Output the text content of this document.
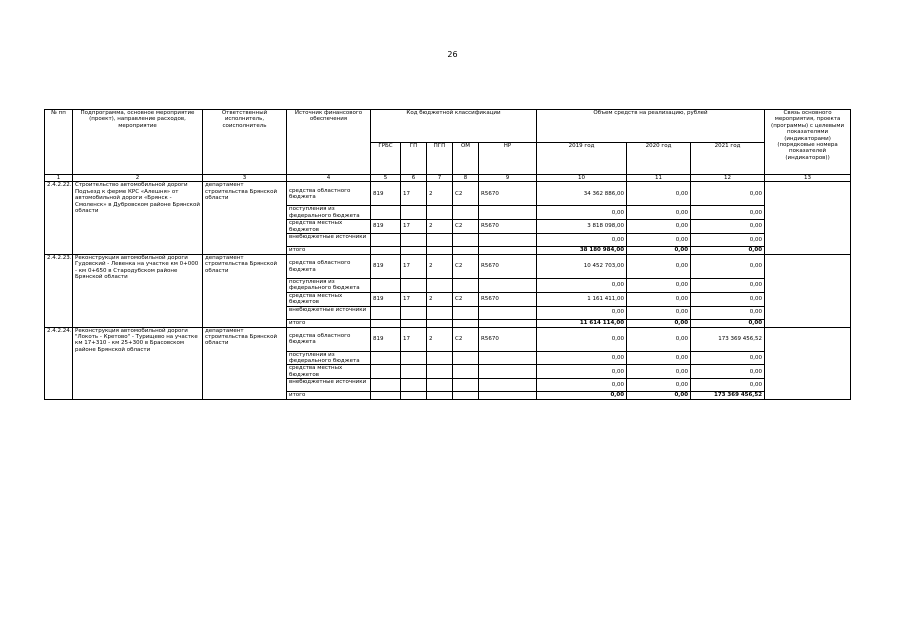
26
№ пп	Подпрограмма, основное мероприятие (проект), направление расходов, мероприятие	Ответственный исполнитель, соисполнитель	Источник финансового обеспечения	Код бюджетной классификации					Объем средств на реализацию, рублей			Связь основного мероприятия, проекта (программы) с целевыми показателями (индикаторами) (порядковые номера показателей (индикаторов))
				ГРБС	ГП	ПГП	ОМ	НР	2019 год	2020 год	2021 год	
1	2	3	4	5	6	7	8	9	10	11	12	13
2.4.2.22.	Строительство автомобильной дороги Подъезд к ферме КРС «Алешня» от автомобильной дороги «Брянск - Смоленск» в Дубровском районе Брянской области	департамент строительства Брянской области	средства областного бюджета	819	17	2	С2	R5670	34 362 886,00	0,00	0,00	
			поступления из федерального бюджета						0,00	0,00	0,00	
			средства местных бюджетов	819	17	2	С2	R5670	3 818 098,00	0,00	0,00	
			внебюджетные источники						0,00	0,00	0,00	
			итого						38 180 984,00	0,00	0,00	
2.4.2.23.	Реконструкция автомобильной дороги Гудовский - Левенка на участке км 0+000 - км 0+650 в Стародубском районе Брянской области	департамент строительства Брянской области	средства областного бюджета	819	17	2	С2	R5670	10 452 703,00	0,00	0,00	
			поступления из федерального бюджета						0,00	0,00	0,00	
			средства местных бюджетов	819	17	2	С2	R5670	1 161 411,00	0,00	0,00	
			внебюджетные источники						0,00	0,00	0,00	
			итого						11 614 114,00	0,00	0,00	
2.4.2.24.	Реконструкция автомобильной дороги "Локоть - Кретово" - Турищево на участке км 17+310 - км 25+300 в Брасовском районе Брянской области	департамент строительства Брянской области	средства областного бюджета	819	17	2	С2	R5670	0,00	0,00	173 369 456,52	
			поступления из федерального бюджета						0,00	0,00	0,00	
			средства местных бюджетов						0,00	0,00	0,00	
			внебюджетные источники						0,00	0,00	0,00	
			итого						0,00	0,00	173 369 456,52	
